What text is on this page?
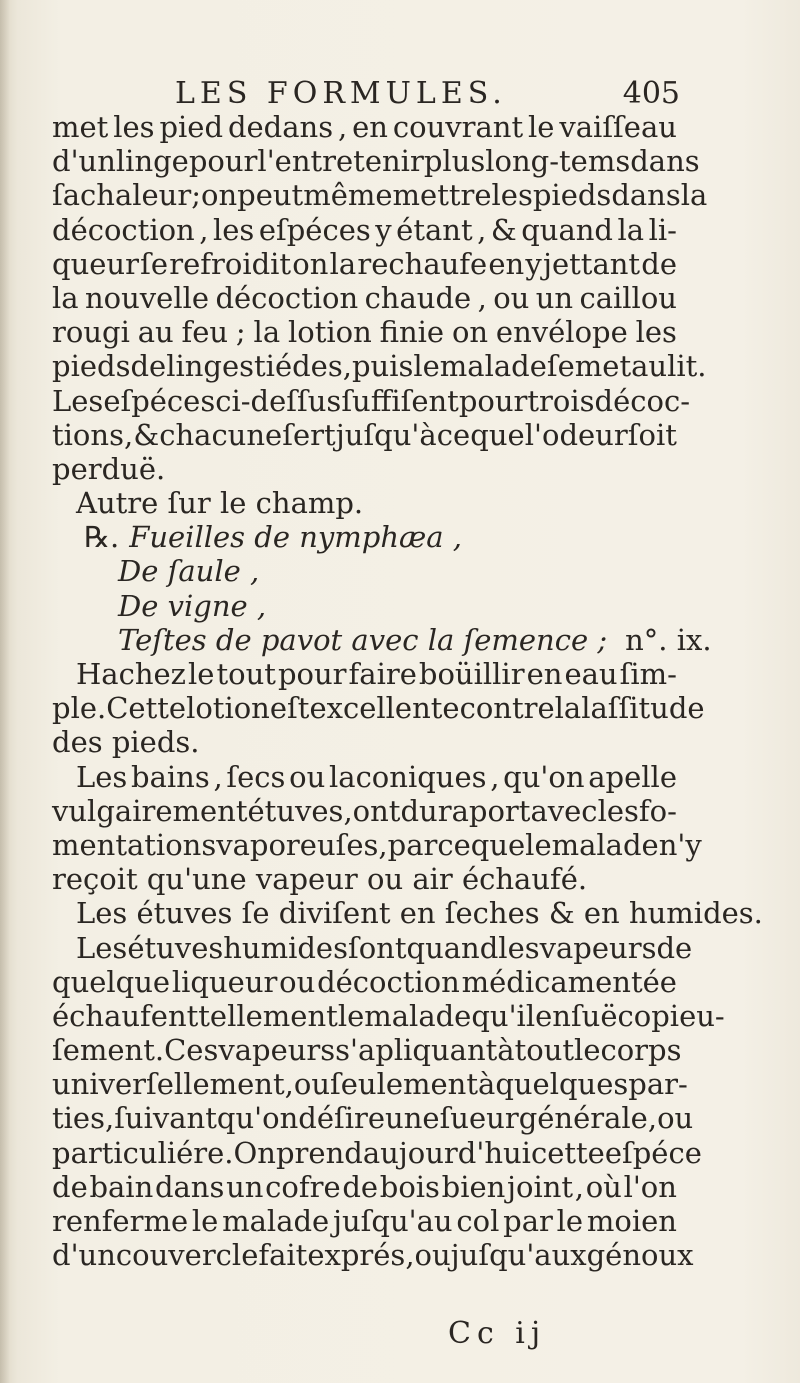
LES FORMULES.	405
met les pied dedans , en couvrant le vaiſſeau
d'un linge pour l'entretenir plus long-tems dans
ſa chaleur ; on peut même mettre les pieds dans la
décoction , les eſpéces y étant , & quand la li-
queur ſe refroidit on la rechaufe en y jettant de
la nouvelle décoction chaude , ou un caillou
rougi au feu ; la lotion finie on envélope les
pieds de linges tiédes,puis le malade ſe met au lit.
Les eſpéces ci-deſſus ſuffiſent pour trois décoc-
tions , & chacune ſert juſqu'à ce que l'odeur ſoit
perduë.
Autre ſur le champ.
℞. Fueilles de nymphæa ,
De ſaule ,
De vigne ,
Teſtes de pavot avec la ſemence ; n°. ix.
Hachez le tout pour faire boüillir en eau ſim-
ple. Cette lotion eſt excellente contre la laſſitude
des pieds.
Les bains , ſecs ou laconiques , qu'on apelle
vulgairement étuves , ont du raport avec les fo-
mentations vaporeuſes , parce que le malade n'y
reçoit qu'une vapeur ou air échaufé.
Les étuves ſe diviſent en ſeches & en humides.
Les étuves humides ſont quand les vapeurs de
quelque liqueur ou décoction médicamentée
échaufent tellement le malade qu'il en ſuë copieu-
ſement. Ces vapeurs s'apliquant à tout le corps
univerſellement , ou ſeulement à quelques par-
ties, ſuivant qu'on déſire une ſueur générale , ou
particuliére. On prend aujourd'hui cette eſpéce
de bain dans un cofre de bois bien joint , où l'on
renferme le malade juſqu'au col par le moien
d'un couvercle fait exprés , ou juſqu'aux génoux
Cc ij
